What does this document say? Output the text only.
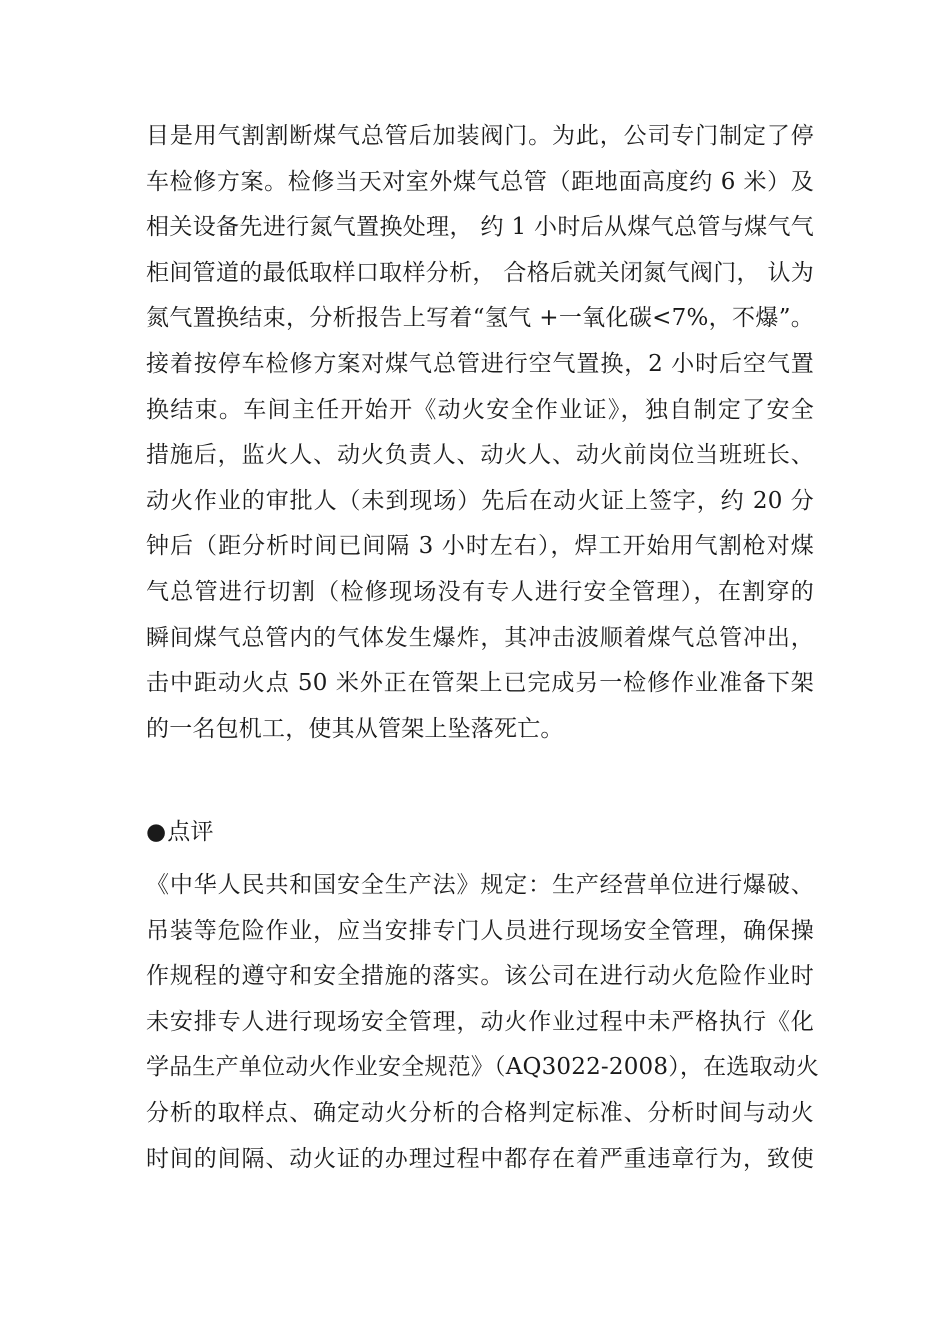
目是用气割割断煤气总管后加装阀门。为此，公司专门制定了停
车检修方案。检修当天对室外煤气总管（距地面高度约 6 米）及
相关设备先进行氮气置换处理， 约 1 小时后从煤气总管与煤气气
柜间管道的最低取样口取样分析， 合格后就关闭氮气阀门， 认为
氮气置换结束，分析报告上写着“氢气 +一氧化碳<7%，不爆”。
接着按停车检修方案对煤气总管进行空气置换，2 小时后空气置
换结束。车间主任开始开《动火安全作业证》，独自制定了安全
措施后，监火人、动火负责人、动火人、动火前岗位当班班长、
动火作业的审批人（未到现场）先后在动火证上签字，约 20 分
钟后（距分析时间已间隔 3 小时左右），焊工开始用气割枪对煤
气总管进行切割（检修现场没有专人进行安全管理），在割穿的
瞬间煤气总管内的气体发生爆炸，其冲击波顺着煤气总管冲出，
击中距动火点 50 米外正在管架上已完成另一检修作业准备下架
的一名包机工，使其从管架上坠落死亡。
●点评
《中华人民共和国安全生产法》规定：生产经营单位进行爆破、
吊装等危险作业，应当安排专门人员进行现场安全管理，确保操
作规程的遵守和安全措施的落实。该公司在进行动火危险作业时
未安排专人进行现场安全管理，动火作业过程中未严格执行《化
学品生产单位动火作业安全规范》（AQ3022-2008），在选取动火
分析的取样点、确定动火分析的合格判定标准、分析时间与动火
时间的间隔、动火证的办理过程中都存在着严重违章行为，致使
